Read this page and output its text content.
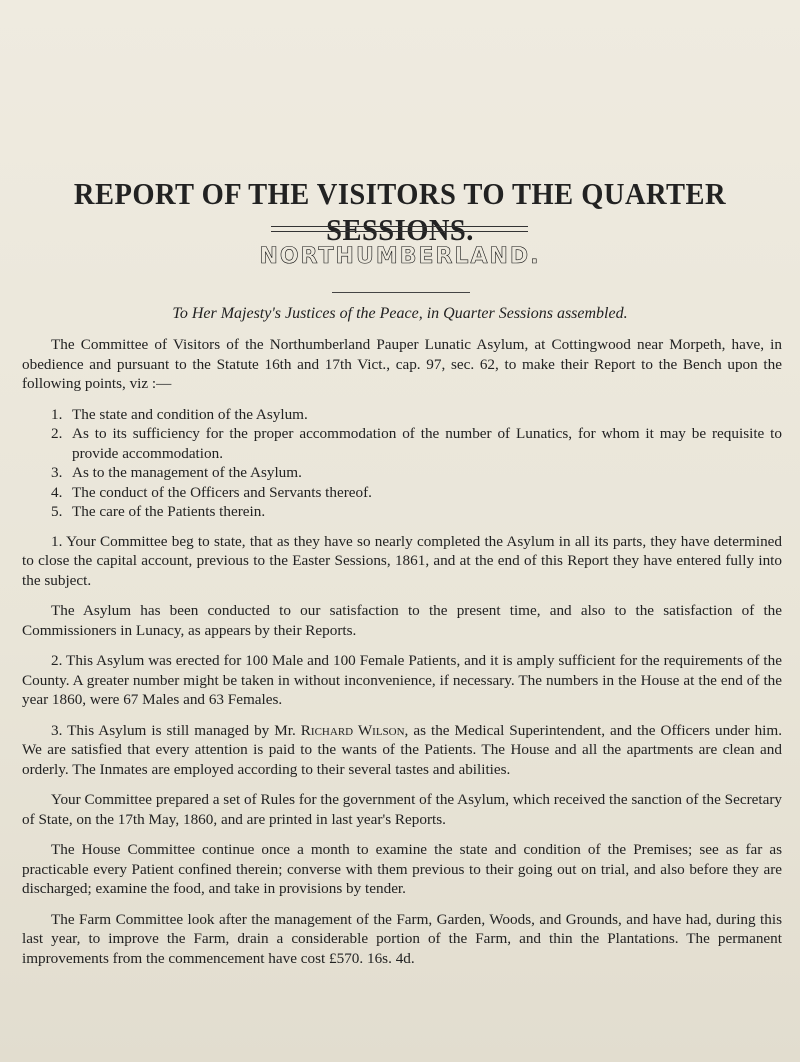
REPORT OF THE VISITORS TO THE QUARTER SESSIONS.
NORTHUMBERLAND.
To Her Majesty's Justices of the Peace, in Quarter Sessions assembled.

The Committee of Visitors of the Northumberland Pauper Lunatic Asylum, at Cottingwood near Morpeth, have, in obedience and pursuant to the Statute 16th and 17th Vict., cap. 97, sec. 62, to make their Report to the Bench upon the following points, viz :—

1. The state and condition of the Asylum.
2. As to its sufficiency for the proper accommodation of the number of Lunatics, for whom it may be requisite to provide accommodation.
3. As to the management of the Asylum.
4. The conduct of the Officers and Servants thereof.
5. The care of the Patients therein.

1. Your Committee beg to state, that as they have so nearly completed the Asylum in all its parts, they have determined to close the capital account, previous to the Easter Sessions, 1861, and at the end of this Report they have entered fully into the subject.

The Asylum has been conducted to our satisfaction to the present time, and also to the satisfaction of the Commissioners in Lunacy, as appears by their Reports.

2. This Asylum was erected for 100 Male and 100 Female Patients, and it is amply sufficient for the requirements of the County. A greater number might be taken in without inconvenience, if necessary. The numbers in the House at the end of the year 1860, were 67 Males and 63 Females.

3. This Asylum is still managed by Mr. Richard Wilson, as the Medical Superintendent, and the Officers under him. We are satisfied that every attention is paid to the wants of the Patients. The House and all the apartments are clean and orderly. The Inmates are employed according to their several tastes and abilities.

Your Committee prepared a set of Rules for the government of the Asylum, which received the sanction of the Secretary of State, on the 17th May, 1860, and are printed in last year's Reports.

The House Committee continue once a month to examine the state and condition of the Premises; see as far as practicable every Patient confined therein; converse with them previous to their going out on trial, and also before they are discharged; examine the food, and take in provisions by tender.

The Farm Committee look after the management of the Farm, Garden, Woods, and Grounds, and have had, during this last year, to improve the Farm, drain a considerable portion of the Farm, and thin the Plantations. The permanent improvements from the commencement have cost £570. 16s. 4d.
